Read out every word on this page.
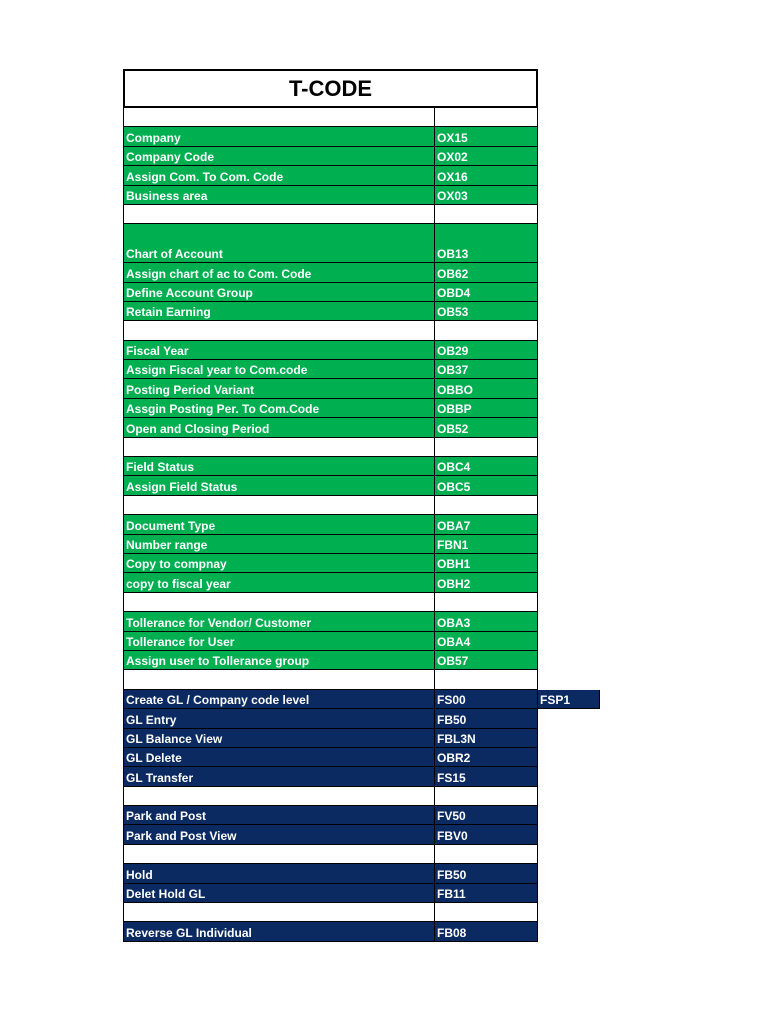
T-CODE
Company	OX15
Company Code	OX02
Assign Com. To Com. Code	OX16
Business area	OX03
Chart of Account	OB13
Assign chart of ac to Com. Code	OB62
Define Account Group	OBD4
Retain Earning	OB53
Fiscal Year	OB29
Assign Fiscal year to Com.code	OB37
Posting Period Variant	OBBO
Assgin Posting Per. To Com.Code	OBBP
Open and Closing Period	OB52
Field Status	OBC4
Assign Field Status	OBC5
Document Type	OBA7
Number range	FBN1
Copy to compnay	OBH1
copy to fiscal year	OBH2
Tollerance for Vendor/ Customer	OBA3
Tollerance for User	OBA4
Assign user to Tollerance group	OB57
Create GL / Company code level	FS00	FSP1
GL Entry	FB50
GL Balance View	FBL3N
GL Delete	OBR2
GL Transfer	FS15
Park and Post	FV50
Park and Post View	FBV0
Hold	FB50
Delet Hold GL	FB11
Reverse GL Individual	FB08
